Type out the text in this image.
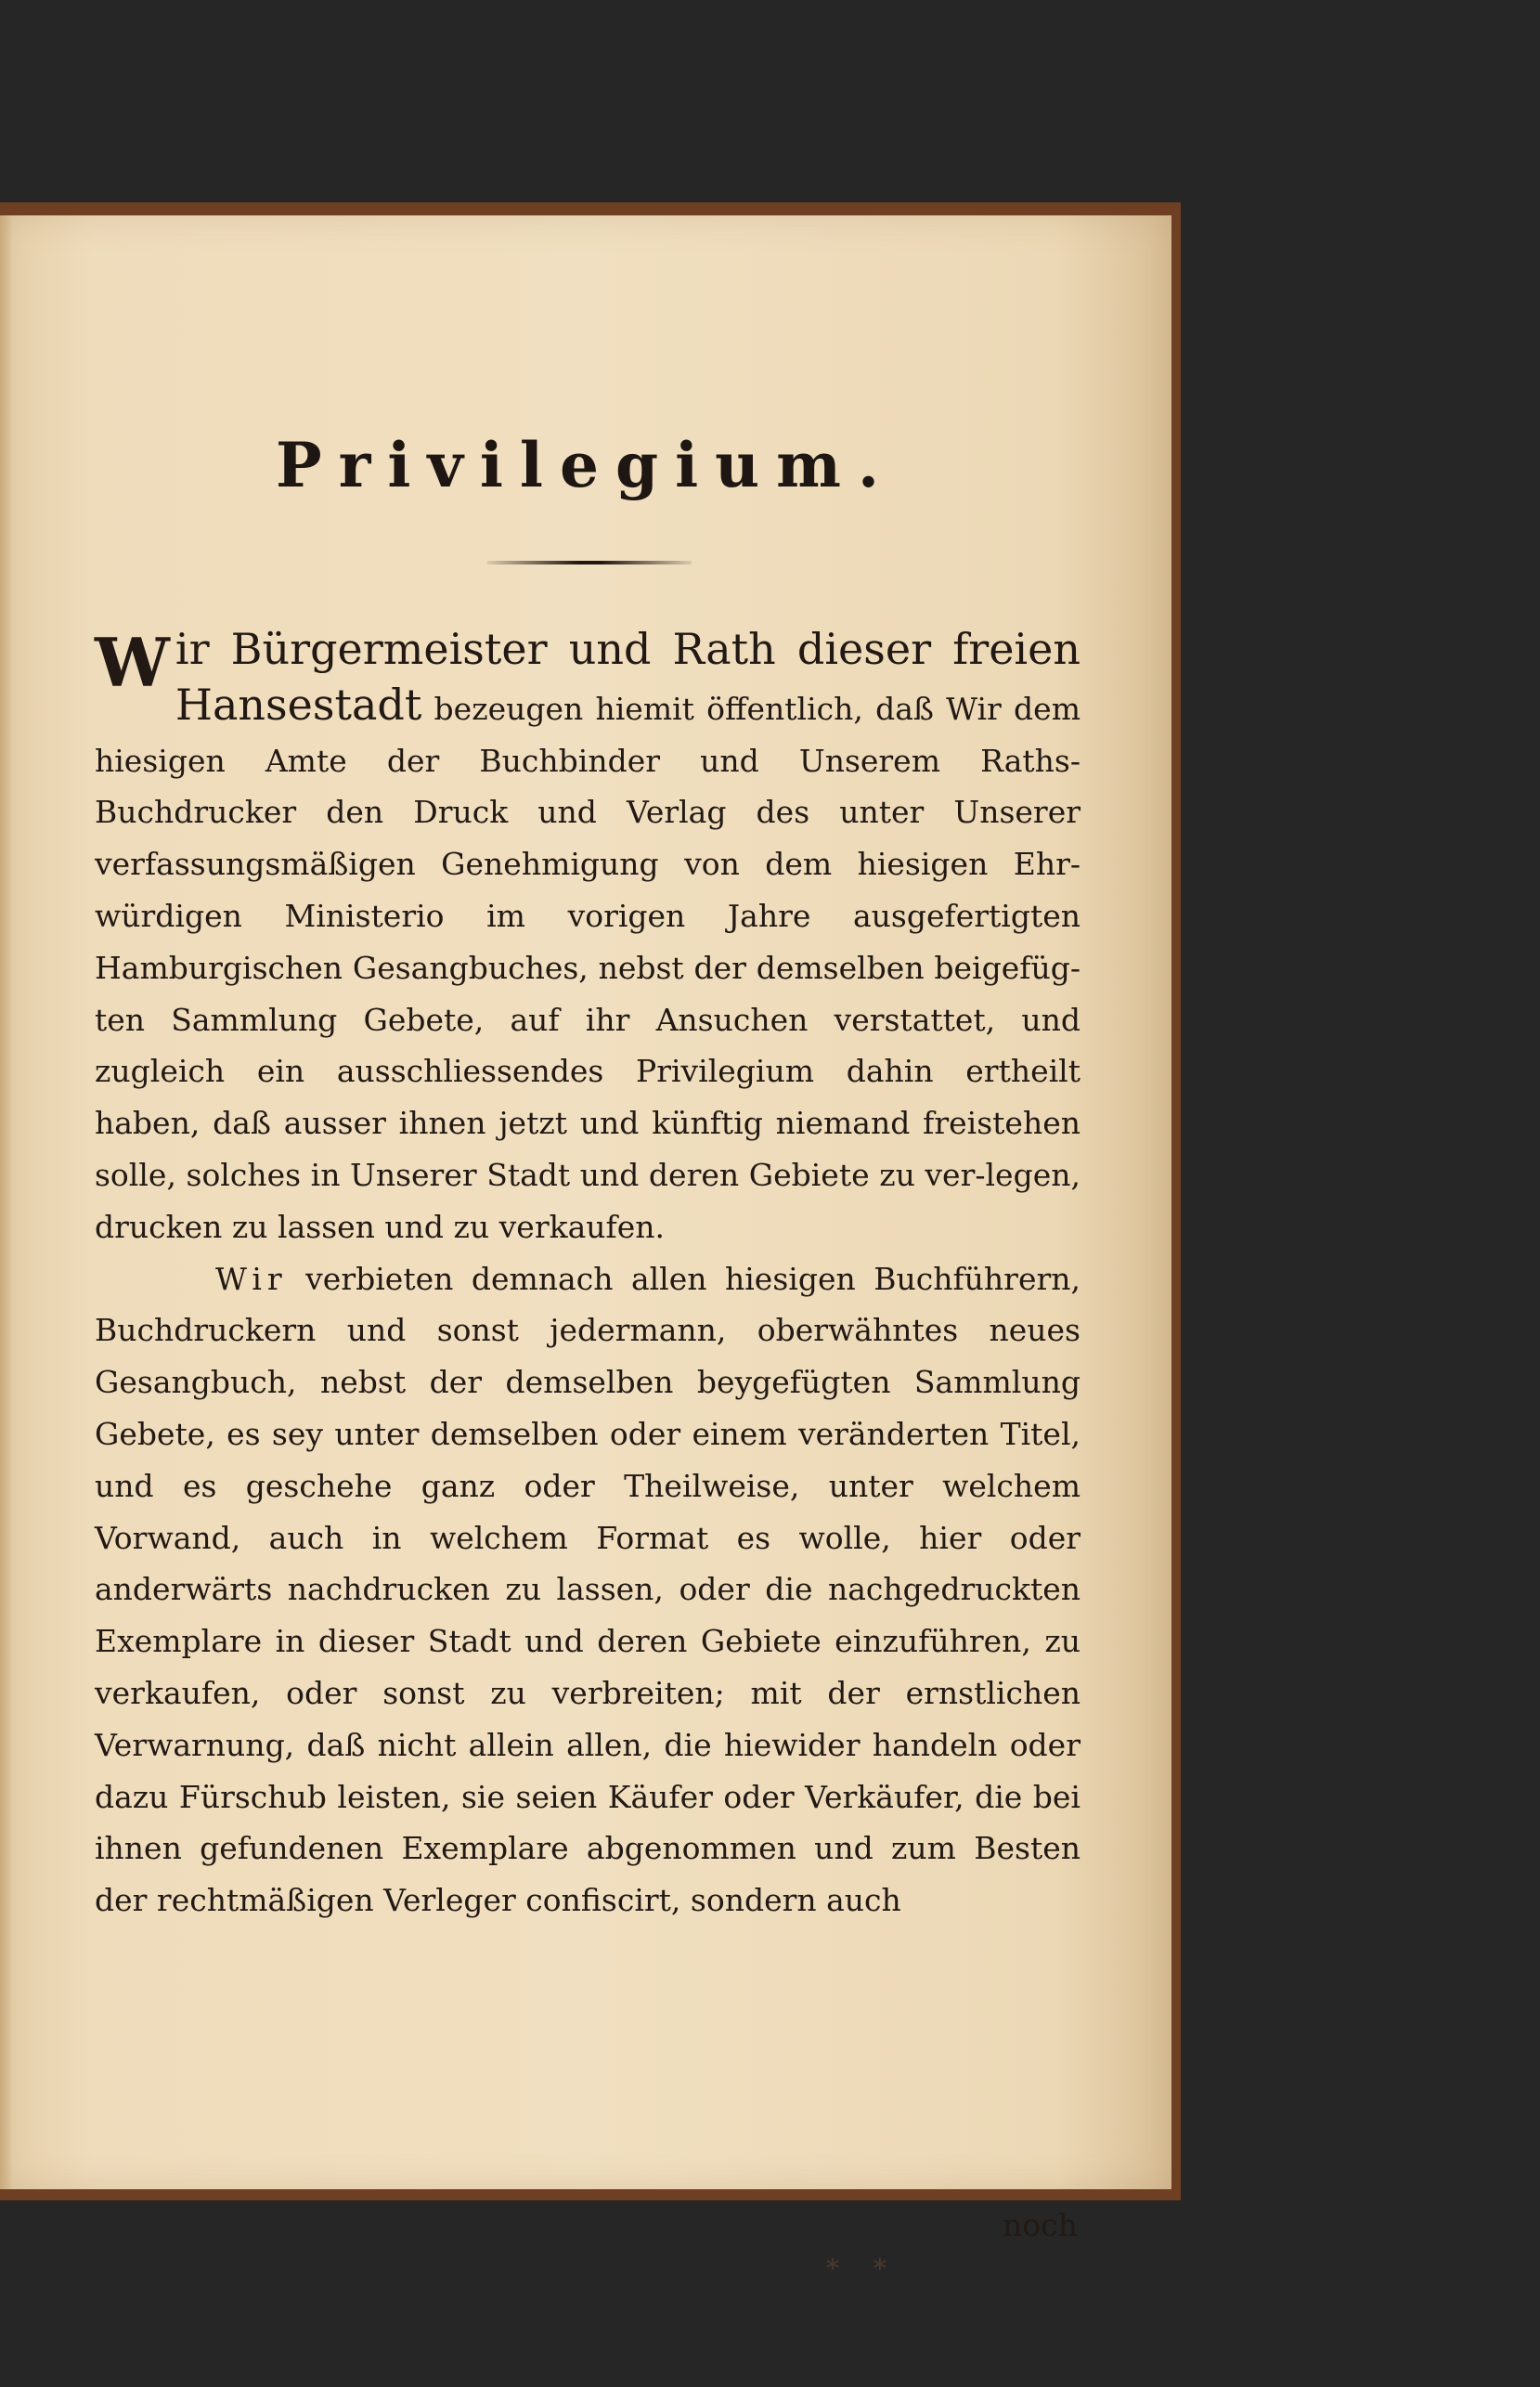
Privilegium.

Wir Bürgermeister und Rath dieser freien Hansestadt bezeugen hiemit öffentlich, daß Wir dem hiesigen Amte der Buchbinder und Unserem Raths-Buchdrucker den Druck und Verlag des unter Unserer verfassungsmäßigen Genehmigung von dem hiesigen Ehr-würdigen Ministerio im vorigen Jahre ausgefertigten Hamburgischen Gesangbuches, nebst der demselben beigefüg-ten Sammlung Gebete, auf ihr Ansuchen verstattet, und zugleich ein ausschliessendes Privilegium dahin ertheilt haben, daß ausser ihnen jetzt und künftig niemand freistehen solle, solches in Unserer Stadt und deren Gebiete zu ver-legen, drucken zu lassen und zu verkaufen.

Wir verbieten demnach allen hiesigen Buchführern, Buchdruckern und sonst jedermann, oberwähntes neues Gesangbuch, nebst der demselben beygefügten Sammlung Gebete, es sey unter demselben oder einem veränderten Titel, und es geschehe ganz oder Theilweise, unter welchem Vorwand, auch in welchem Format es wolle, hier oder anderwärts nachdrucken zu lassen, oder die nachgedruckten Exemplare in dieser Stadt und deren Gebiete einzuführen, zu verkaufen, oder sonst zu verbreiten; mit der ernstlichen Verwarnung, daß nicht allein allen, die hiewider handeln oder dazu Fürschub leisten, sie seien Käufer oder Verkäufer, die bei ihnen gefundenen Exemplare abgenommen und zum Besten der rechtmäßigen Verleger confiscirt, sondern auch

noch
* *
